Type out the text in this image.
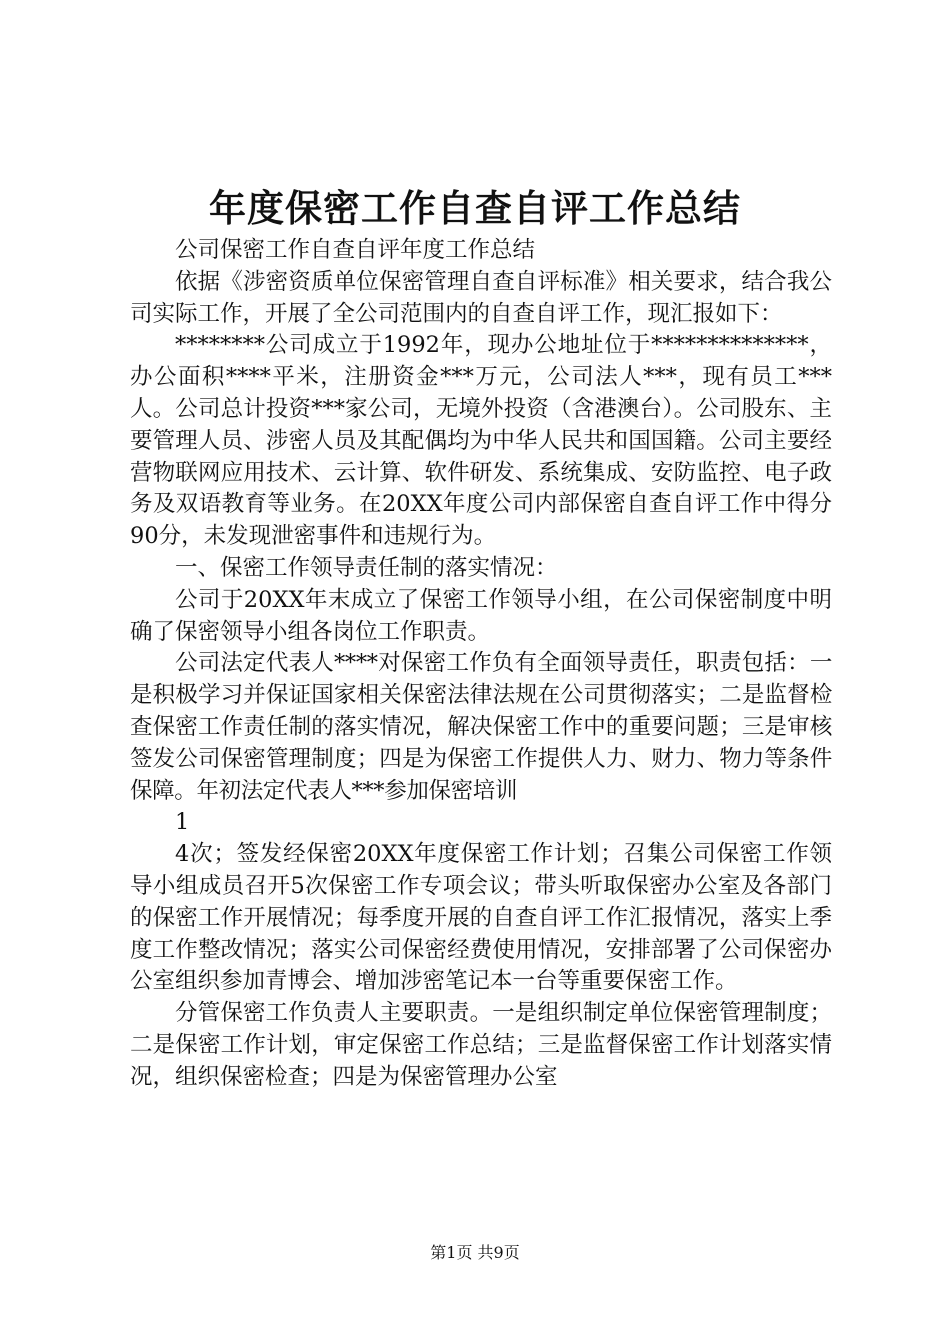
年度保密工作自查自评工作总结

公司保密工作自查自评年度工作总结

依据《涉密资质单位保密管理自查自评标准》相关要求，结合我公司实际工作，开展了全公司范围内的自查自评工作，现汇报如下：

********公司成立于1992年，现办公地址位于**************，办公面积****平米，注册资金***万元，公司法人***，现有员工***人。公司总计投资***家公司，无境外投资（含港澳台）。公司股东、主要管理人员、涉密人员及其配偶均为中华人民共和国国籍。公司主要经营物联网应用技术、云计算、软件研发、系统集成、安防监控、电子政务及双语教育等业务。在20XX年度公司内部保密自查自评工作中得分90分，未发现泄密事件和违规行为。

一、保密工作领导责任制的落实情况：

公司于20XX年末成立了保密工作领导小组，在公司保密制度中明确了保密领导小组各岗位工作职责。

公司法定代表人****对保密工作负有全面领导责任，职责包括：一是积极学习并保证国家相关保密法律法规在公司贯彻落实；二是监督检查保密工作责任制的落实情况，解决保密工作中的重要问题；三是审核签发公司保密管理制度；四是为保密工作提供人力、财力、物力等条件保障。年初法定代表人***参加保密培训

1

4次；签发经保密20XX年度保密工作计划；召集公司保密工作领导小组成员召开5次保密工作专项会议；带头听取保密办公室及各部门的保密工作开展情况；每季度开展的自查自评工作汇报情况，落实上季度工作整改情况；落实公司保密经费使用情况，安排部署了公司保密办公室组织参加青博会、增加涉密笔记本一台等重要保密工作。

分管保密工作负责人主要职责。一是组织制定单位保密管理制度；二是保密工作计划，审定保密工作总结；三是监督保密工作计划落实情况，组织保密检查；四是为保密管理办公室

第1页 共9页
